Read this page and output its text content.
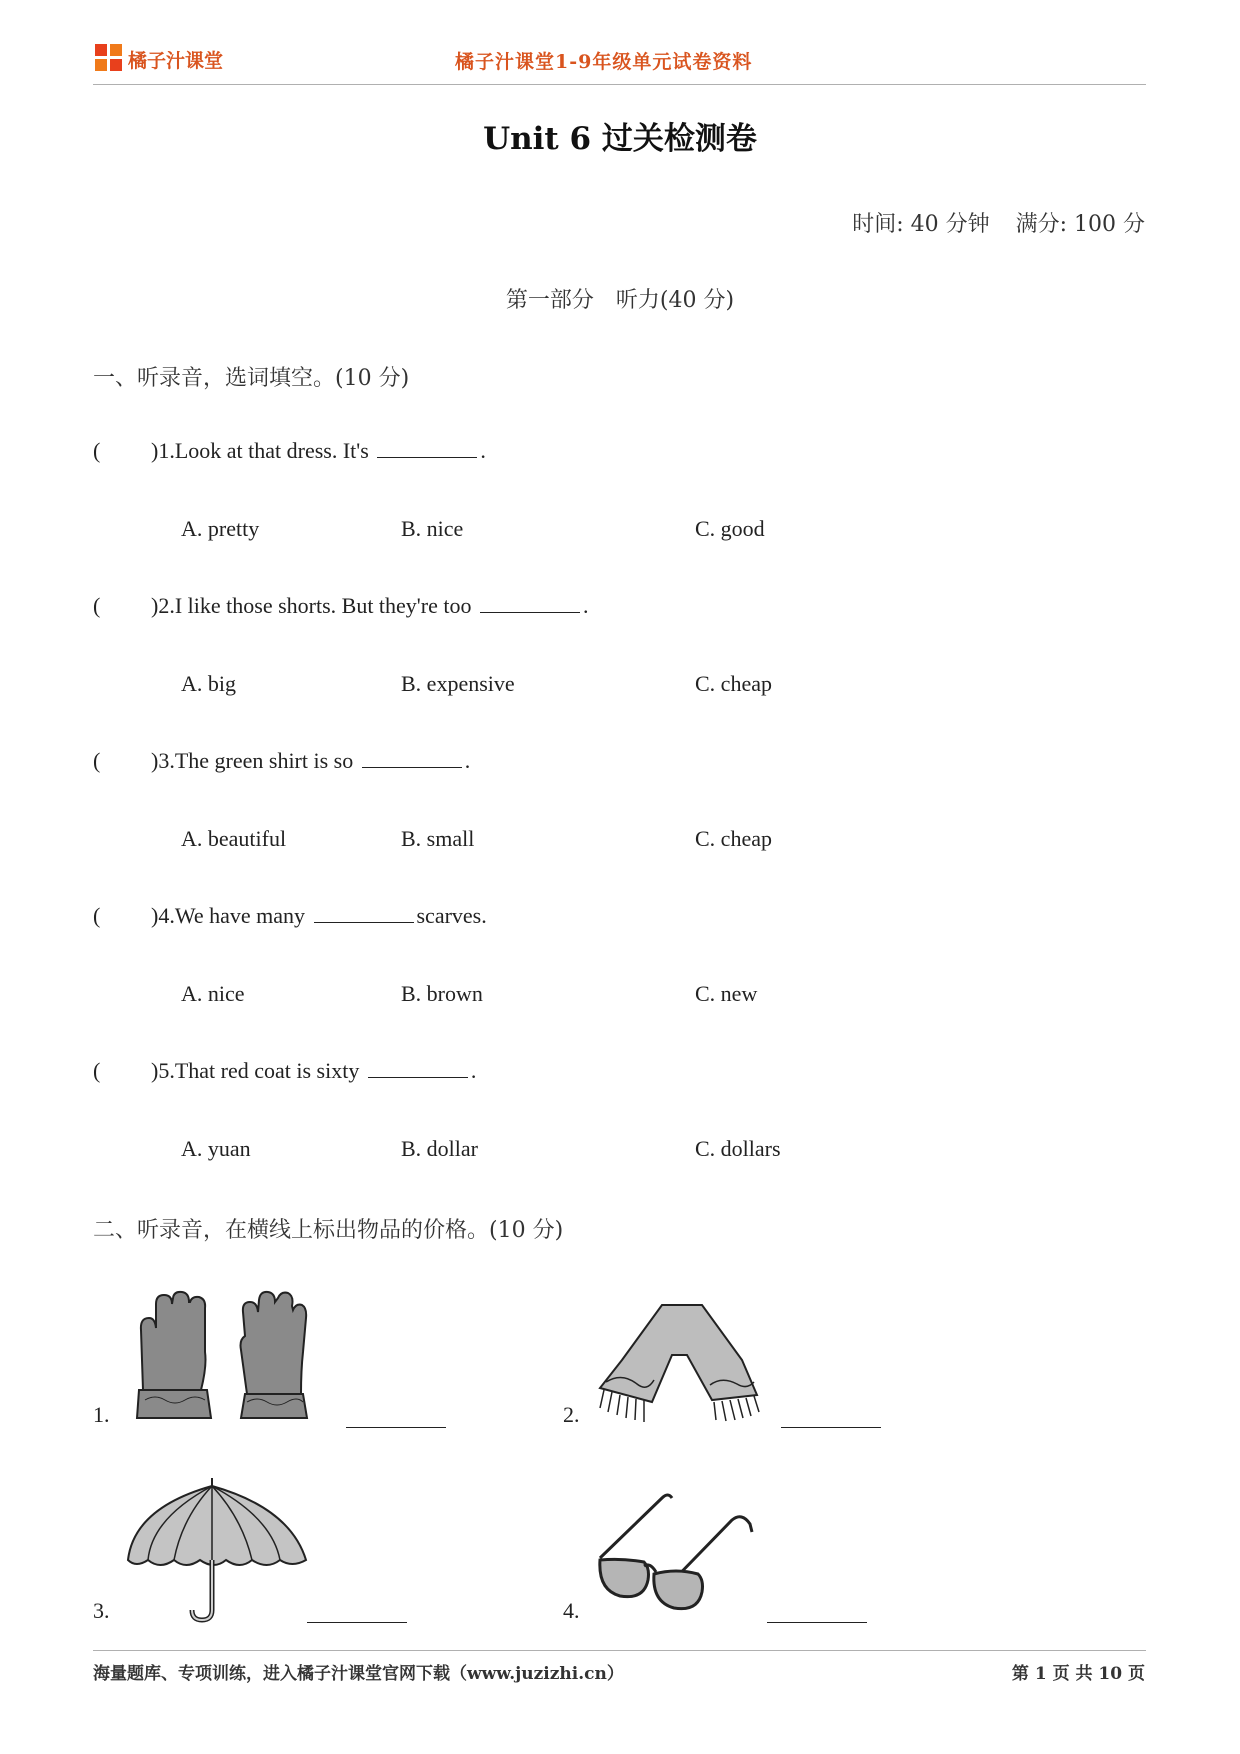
橘子汁课堂	橘子汁课堂1-9年级单元试卷资料
Unit 6 过关检测卷
时间: 40 分钟 满分: 100 分
第一部分　听力(40 分)
一、听录音，选词填空。(10 分)
( )1.Look at that dress. It's	.
A. pretty	B. nice	C. good
( )2.I like those shorts. But they're too	.
A. big	B. expensive	C. cheap
( )3.The green shirt is so	.
A. beautiful	B. small	C. cheap
( )4.We have many	scarves.
A. nice	B. brown	C. new
( )5.That red coat is sixty	.
A. yuan	B. dollar	C. dollars
二、听录音，在横线上标出物品的价格。(10 分)
1.	2.
3.	4.
海量题库、专项训练，进入橘子汁课堂官网下载（www.juzizhi.cn）	第 1 页 共 10 页
